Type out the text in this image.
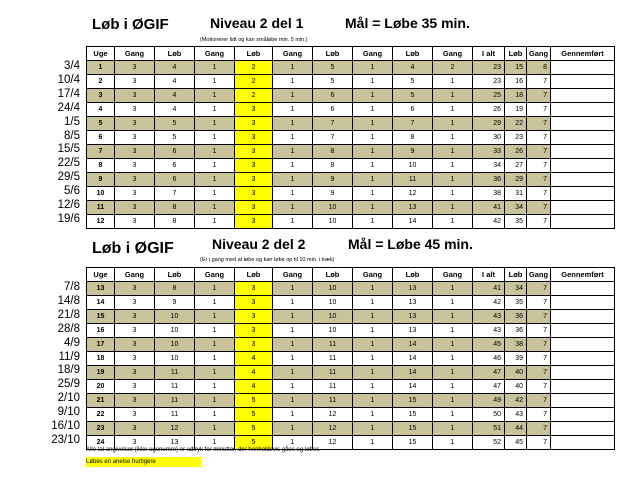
Løb i ØGIF	Niveau 2 del 1	Mål = Løbe 35 min.
(Motionerer lidt og kan småløbe min. 5 min.)
3/4
10/4
17/4
24/4
1/5
8/5
15/5
22/5
29/5
5/6
12/6
19/6
Uge	Gang	Løb	Gang	Løb	Gang	Løb	Gang	Løb	Gang	I alt	Løb	Gang	Gennemført
1	3	4	1	2	1	5	1	4	2	23	15	8	
2	3	4	1	2	1	5	1	5	1	23	16	7	
3	3	4	1	2	1	6	1	5	1	25	18	7	
4	3	4	1	3	1	6	1	6	1	26	19	7	
5	3	5	1	3	1	7	1	7	1	29	22	7	
6	3	5	1	3	1	7	1	8	1	30	23	7	
7	3	6	1	3	1	8	1	9	1	33	26	7	
8	3	6	1	3	1	8	1	10	1	34	27	7	
9	3	6	1	3	1	9	1	11	1	36	29	7	
10	3	7	1	3	1	9	1	12	1	38	31	7	
11	3	8	1	3	1	10	1	13	1	41	34	7	
12	3	8	1	3	1	10	1	14	1	42	35	7	
Løb i ØGIF	Niveau 2 del 2	Mål = Løbe 45 min.
(Er i gang med at løbe og kan løbe op til 10 min. i træk)
7/8
14/8
21/8
28/8
4/9
11/9
18/9
25/9
2/10
9/10
16/10
23/10
Uge	Gang	Løb	Gang	Løb	Gang	Løb	Gang	Løb	Gang	I alt	Løb	Gang	Gennemført
13	3	8	1	3	1	10	1	13	1	41	34	7	
14	3	9	1	3	1	10	1	13	1	42	35	7	
15	3	10	1	3	1	10	1	13	1	43	36	7	
16	3	10	1	3	1	10	1	13	1	43	36	7	
17	3	10	1	3	1	11	1	14	1	45	38	7	
18	3	10	1	4	1	11	1	14	1	46	39	7	
19	3	11	1	4	1	11	1	14	1	47	40	7	
20	3	11	1	4	1	11	1	14	1	47	40	7	
21	3	11	1	5	1	11	1	15	1	49	42	7	
22	3	11	1	5	1	12	1	15	1	50	43	7	
23	3	12	1	5	1	12	1	15	1	51	44	7	
24	3	13	1	5	1	12	1	15	1	52	45	7	
Alle tal angivelser (ikke ugenumre) er udtryk for minutter, der henholdsvis gåes og løbes
Løbes en anelse hurtigere
